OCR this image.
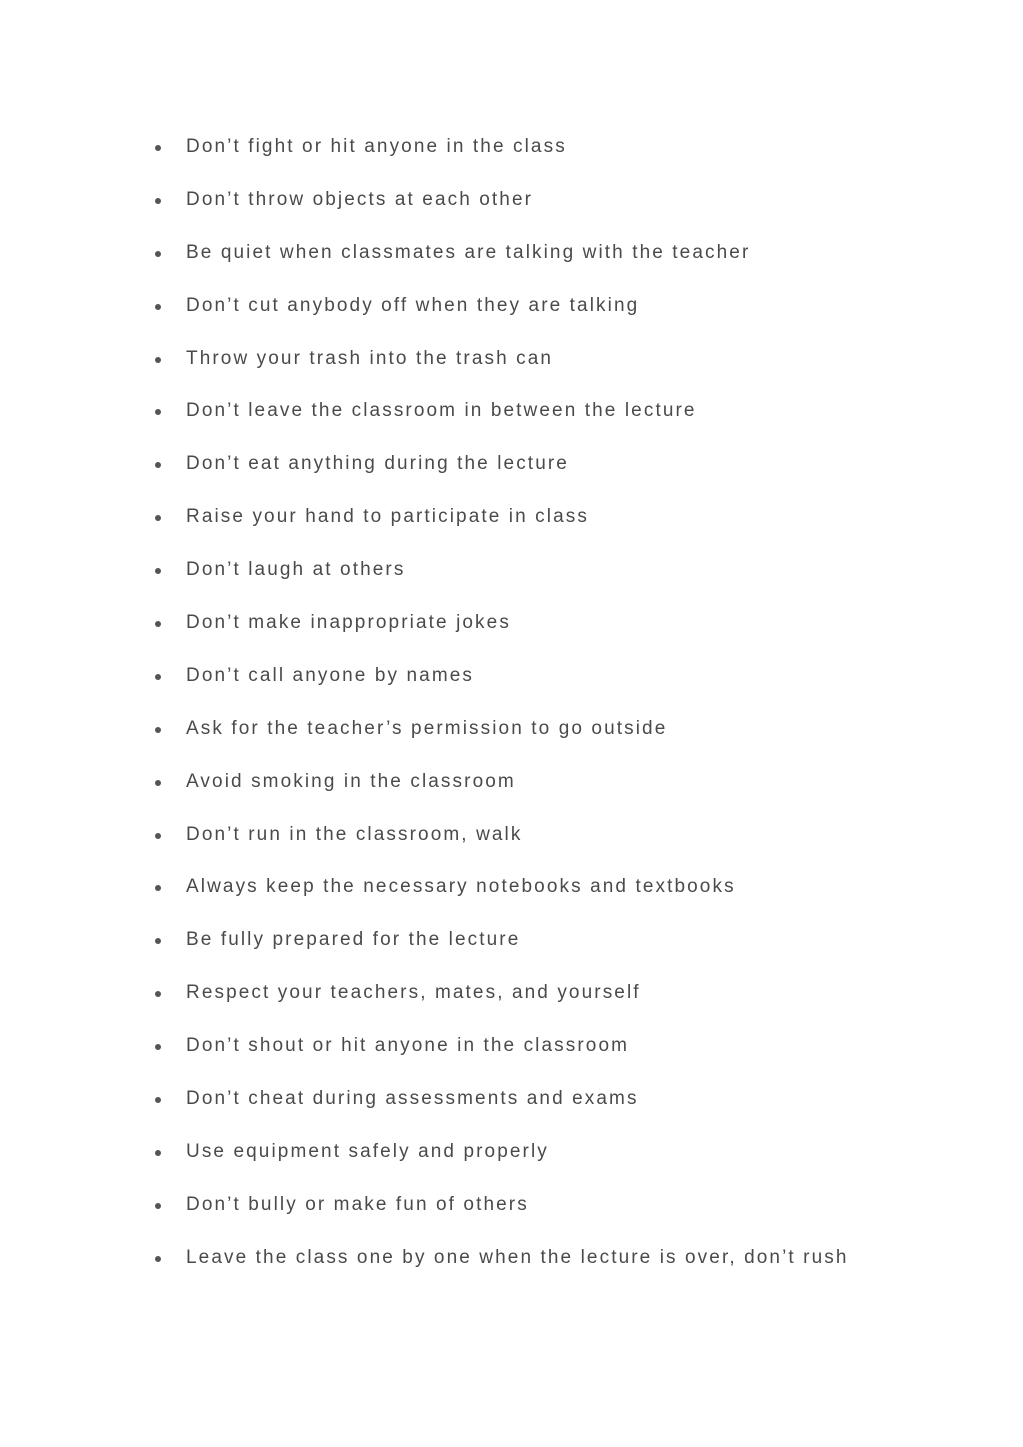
Don’t fight or hit anyone in the class
Don’t throw objects at each other
Be quiet when classmates are talking with the teacher
Don’t cut anybody off when they are talking
Throw your trash into the trash can
Don’t leave the classroom in between the lecture
Don’t eat anything during the lecture
Raise your hand to participate in class
Don’t laugh at others
Don’t make inappropriate jokes
Don’t call anyone by names
Ask for the teacher’s permission to go outside
Avoid smoking in the classroom
Don’t run in the classroom, walk
Always keep the necessary notebooks and textbooks
Be fully prepared for the lecture
Respect your teachers, mates, and yourself
Don’t shout or hit anyone in the classroom
Don’t cheat during assessments and exams
Use equipment safely and properly
Don’t bully or make fun of others
Leave the class one by one when the lecture is over, don’t rush
